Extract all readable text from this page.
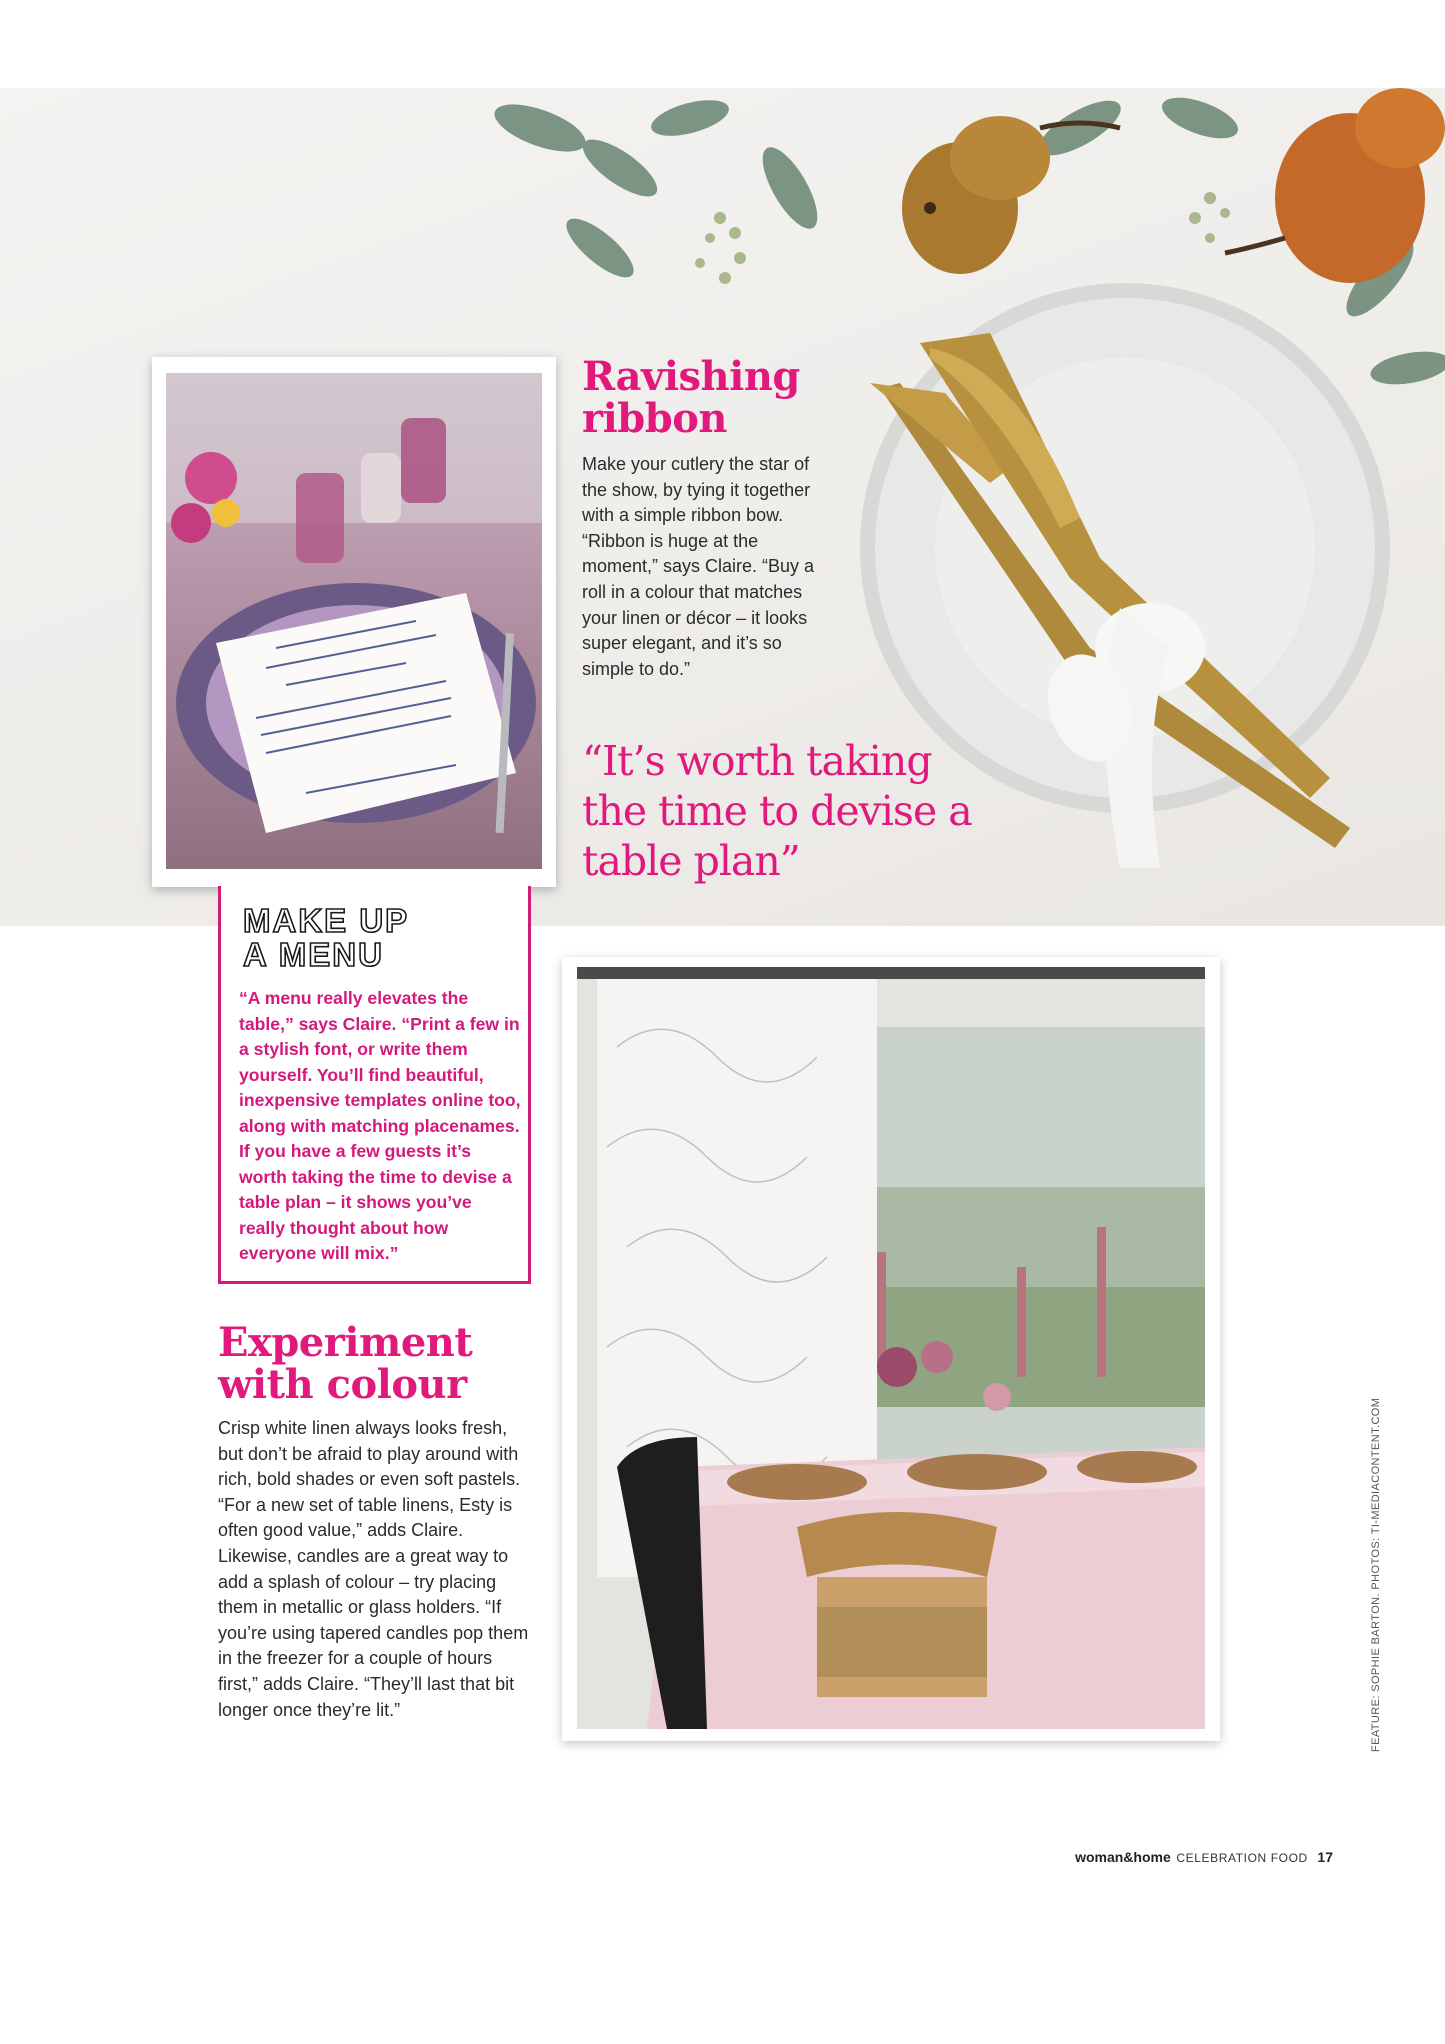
Ravishing ribbon

Make your cutlery the star of the show, by tying it together with a simple ribbon bow. “Ribbon is huge at the moment,” says Claire. “Buy a roll in a colour that matches your linen or décor – it looks super elegant, and it’s so simple to do.”

“It’s worth taking the time to devise a table plan”

MAKE UP
A MENU

“A menu really elevates the table,” says Claire. “Print a few in a stylish font, or write them yourself. You’ll find beautiful, inexpensive templates online too, along with matching placenames. If you have a few guests it’s worth taking the time to devise a table plan – it shows you’ve really thought about how everyone will mix.”

Experiment with colour

Crisp white linen always looks fresh, but don’t be afraid to play around with rich, bold shades or even soft pastels. “For a new set of table linens, Esty is often good value,” adds Claire. Likewise, candles are a great way to add a splash of colour – try placing them in metallic or glass holders. “If you’re using tapered candles pop them in the freezer for a couple of hours first,” adds Claire. “They’ll last that bit longer once they’re lit.”	FEATURE: SOPHIE BARTON. PHOTOS: TI-MEDIACONTENT.COM

woman&home CELEBRATION FOOD 17
